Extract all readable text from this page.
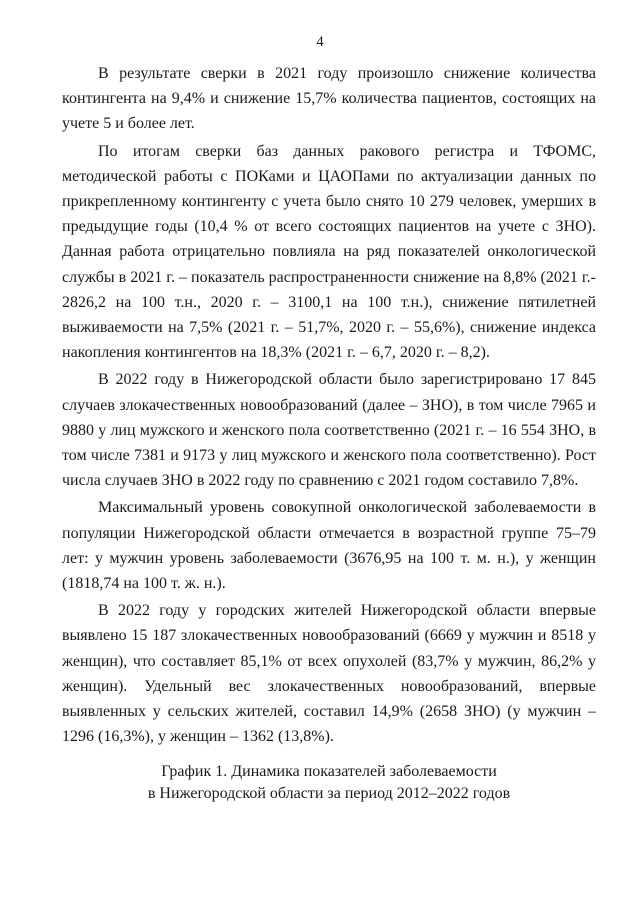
4

В результате сверки в 2021 году произошло снижение количества контингента на 9,4% и снижение 15,7% количества пациентов, состоящих на учете 5 и более лет.

По итогам сверки баз данных ракового регистра и ТФОМС, методической работы с ПОКами и ЦАОПами по актуализации данных по прикрепленному контингенту с учета было снято 10 279 человек, умерших в предыдущие годы (10,4 % от всего состоящих пациентов на учете с ЗНО). Данная работа отрицательно повлияла на ряд показателей онкологической службы в 2021 г. – показатель распространенности снижение на 8,8% (2021 г.- 2826,2 на 100 т.н., 2020 г. – 3100,1 на 100 т.н.), снижение пятилетней выживаемости на 7,5% (2021 г. – 51,7%, 2020 г. – 55,6%), снижение индекса накопления контингентов на 18,3% (2021 г. – 6,7, 2020 г. – 8,2).

В 2022 году в Нижегородской области было зарегистрировано 17 845 случаев злокачественных новообразований (далее – ЗНО), в том числе 7965 и 9880 у лиц мужского и женского пола соответственно (2021 г. – 16 554 ЗНО, в том числе 7381 и 9173 у лиц мужского и женского пола соответственно). Рост числа случаев ЗНО в 2022 году по сравнению с 2021 годом составило 7,8%.

Максимальный уровень совокупной онкологической заболеваемости в популяции Нижегородской области отмечается в возрастной группе 75–79 лет: у мужчин уровень заболеваемости (3676,95 на 100 т. м. н.), у женщин (1818,74 на 100 т. ж. н.).

В 2022 году у городских жителей Нижегородской области впервые выявлено 15 187 злокачественных новообразований (6669 у мужчин и 8518 у женщин), что составляет 85,1% от всех опухолей (83,7% у мужчин, 86,2% у женщин). Удельный вес злокачественных новообразований, впервые выявленных у сельских жителей, составил 14,9% (2658 ЗНО) (у мужчин – 1296 (16,3%), у женщин – 1362 (13,8%).

График 1. Динамика показателей заболеваемости
в Нижегородской области за период 2012–2022 годов
